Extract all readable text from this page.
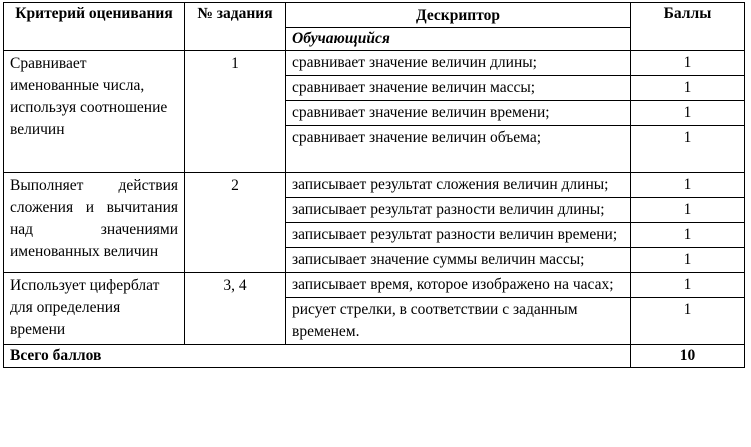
Критерий оценивания	№ задания	Дескриптор	Баллы
		Обучающийся	
Сравнивает именованные числа, используя соотношение величин	1	сравнивает значение величин длины;	1
		сравнивает значение величин массы;	1
		сравнивает значение величин времени;	1
		сравнивает значение величин объема;	1
Выполняет действия сложения и вычитания над значениями именованных величин	2	записывает результат сложения величин длины;	1
		записывает результат разности величин длины;	1
		записывает результат разности величин времени;	1
		записывает значение суммы величин массы;	1
Использует циферблат для определения времени	3, 4	записывает время, которое изображено на часах;	1
		рисует стрелки, в соответствии с заданным временем.	1
Всего баллов			10
